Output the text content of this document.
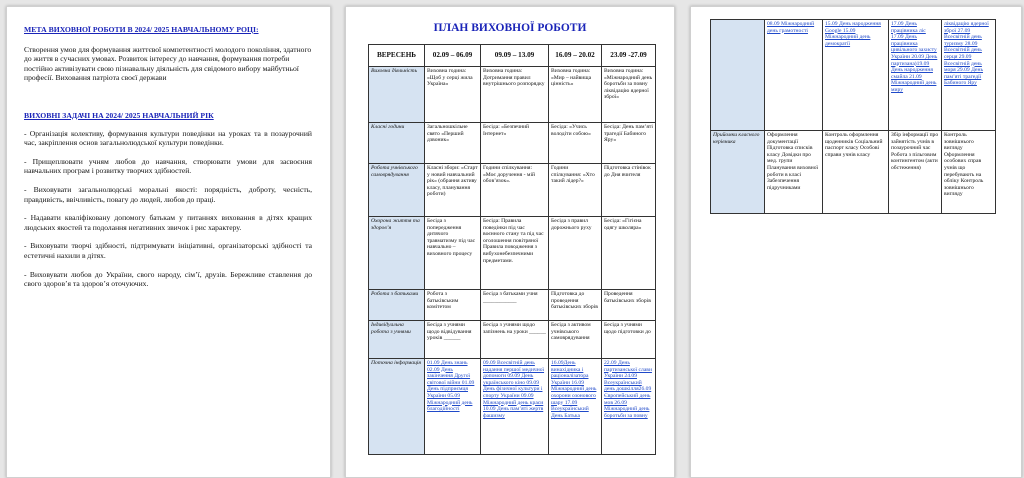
МЕТА ВИХОВНОЇ РОБОТИ В 2024/ 2025 НАВЧАЛЬНОМУ РОЦІ:
Створення умов для формування життєвої компетентності молодого покоління, здатного до життя в сучасних умовах. Розвиток інтересу до навчання, формування потреби постійно активізувати свою пізнавальну діяльність для свідомого вибору майбутньої професії. Виховання патріота своєї держави
ВИХОВНІ ЗАДАЧІ НА 2024/ 2025 НАВЧАЛЬНИЙ РІК
- Організація колективу, формування культури поведінки на уроках та в позаурочний час, закріплення основ загальнолюдської культури поведінки.
- Прищеплювати учням любов до навчання, створювати умови для засвоєння навчальних програм і розвитку творчих здібностей.
- Виховувати загальнолюдські моральні якості: порядність, доброту, чесність, правдивість, ввічливість, повагу до людей, любов до праці.
- Надавати кваліфіковану допомогу батькам у питаннях виховання в дітях кращих людських якостей та подолання негативних звичок і рис характеру.
- Виховувати творчі здібності, підтримувати ініціативні, організаторські здібності та естетичні нахили в дітях.
- Виховувати любов до України, свого народу, сім’ї, друзів. Бережливе ставлення до свого здоров’я та здоров’я оточуючих.
ПЛАН ВИХОВНОЇ РОБОТИ
ВЕРЕСЕНЬ	02.09 – 06.09	09.09 – 13.09	16.09 – 20.02	23.09 -27.09
Виховна діяльність	Виховна година: «Щоб у серці жила Україна»	Виховна година: Дотримання правил внутрішнього розпорядку	Виховна година: «Мир – найвища цінність»	Виховна година: «Міжнародний день боротьби за повну ліквідацію ядерної зброї»
Класні години	Загальношкільне свято «Перший дзвоник»	Бесіда: «Безпечний Інтернет»	Бесіда: «Учись володіти собою»	Бесіда: День пам’яті трагедії Бабиного Яру»
Робота учнівського самоврядування	Класні збори: «Старт у новий навчальний рік» (обрання активу класу, планування роботи)	Години спілкування: «Моє доручення - мій обов’язок».	Години спілкування: «Хто такий лідер?»	Підготовка стінівок до Дня вчителя
Охорона життя та здоров’я	Бесіда з попередження дитячого травматизму під час навчально – виховного процесу	Бесіда: Правила поведінки під час воєнного стану та під час оголошення повітряної Правила поводження з вибухонебезпечними предметами.	Бесіда з правил дорожнього руху	Бесіда: «Гігієна одягу школяра»
Робота з батьками	Робота з батьківським комітетом	Бесіда з батьками учня ____________	Підготовка до проведення батьківських зборів	Проведення батьківських зборів
Індивідуальна робота з учнями	Бесіда з учнями щодо відвідування уроків ______	Бесіда з учнями щодо запізнень на уроки ______	Бесіда з активом учнівського самоврядування	Бесіда з учнями щодо підготовки до
Поточна інформація	01.09 День знань 02.09 День закінчення Другої світової війни 01.09 День підприємця України 05.09 Міжнародний день благодійності	09.09 Всесвітній день надання першої медичної допомоги 09.09 День українського кіно 09.09 День фізичної культури і спорту України 09.09 Міжнародний день краси 10.09 День пам’яті жертв фашизму	16.09День винахідника і раціоналізатора України 16.09 Міжнародний день охорони озонового шару 17.09 Всеукраїнський День Батька	22.09 День партизанської слави України 24.09 Всеукраїнський день дошкілля26.09 Європейський день мов 26.09 Міжнародний день боротьби за повну
	08.09 Міжнародний день грамотності	15.09 День народження Google 15.09 Міжнародний день демократії	17.09 День працівника ліс 17.09 День працівника цивільного захисту України 20.09 День партизана)19.09 День народження смайла 21.09 Міжнародний день миру	ліквідацію ядерної зброї 27.09 Всесвітній день туризму 28.09 Всесвітній день серця 29.09 Всесвітній день моря 29.09 День пам’яті трагедії Бабиного Яру
Прийомки класного керівника	Оформлення документації Підготовка списків класу Довідки про мед. групи Планування виховної роботи в класі Забезпечення підручниками	Контроль оформлення щоденників Соціальний паспорт класу Особові справи учнів класу	Збір інформації про зайнятість учнів в позаурочний час Робота з пільговим контингентом (акти обстеження)	Контроль зовнішнього вигляду Оформлення особових справ учнів що перебувають на обліку Контроль зовнішнього вигляду
